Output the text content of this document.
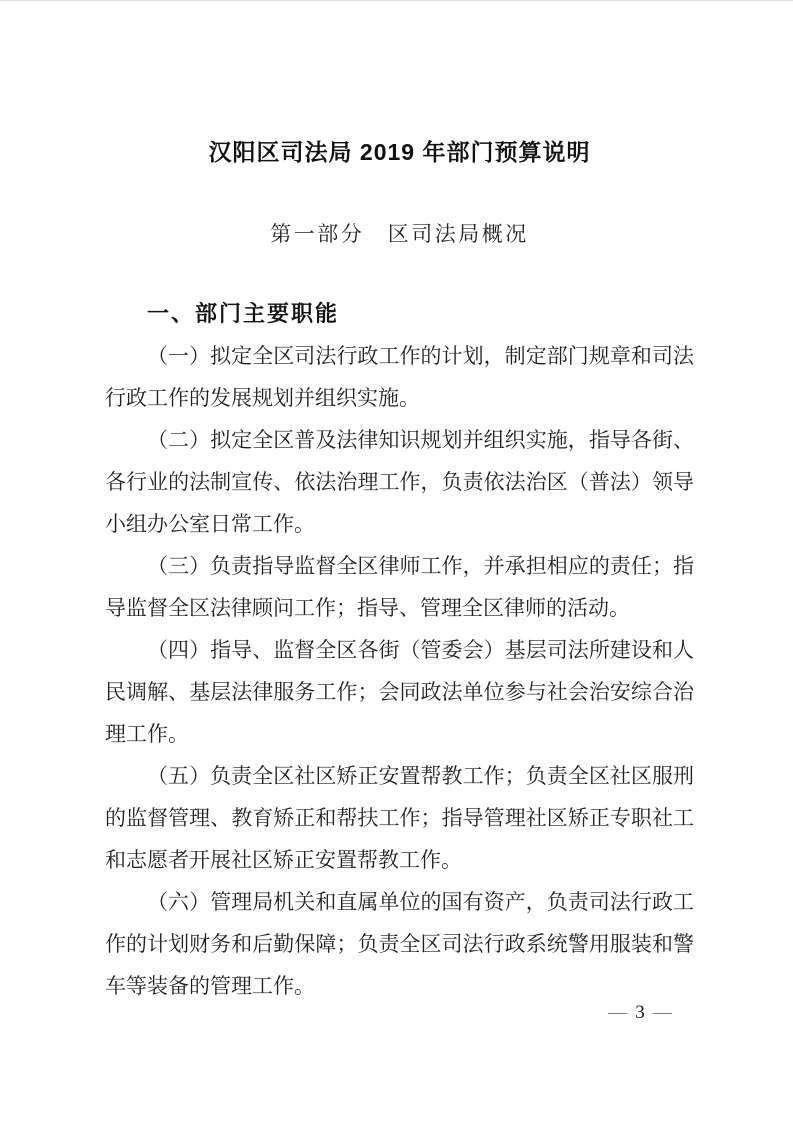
汉阳区司法局 2019 年部门预算说明
第一部分　区司法局概况
一、部门主要职能

（一）拟定全区司法行政工作的计划，制定部门规章和司法行政工作的发展规划并组织实施。

（二）拟定全区普及法律知识规划并组织实施，指导各街、各行业的法制宣传、依法治理工作，负责依法治区（普法）领导小组办公室日常工作。

（三）负责指导监督全区律师工作，并承担相应的责任；指导监督全区法律顾问工作；指导、管理全区律师的活动。

（四）指导、监督全区各街（管委会）基层司法所建设和人民调解、基层法律服务工作；会同政法单位参与社会治安综合治理工作。

（五）负责全区社区矫正安置帮教工作；负责全区社区服刑的监督管理、教育矫正和帮扶工作；指导管理社区矫正专职社工和志愿者开展社区矫正安置帮教工作。

（六）管理局机关和直属单位的国有资产，负责司法行政工作的计划财务和后勤保障；负责全区司法行政系统警用服装和警车等装备的管理工作。

— 3 —
